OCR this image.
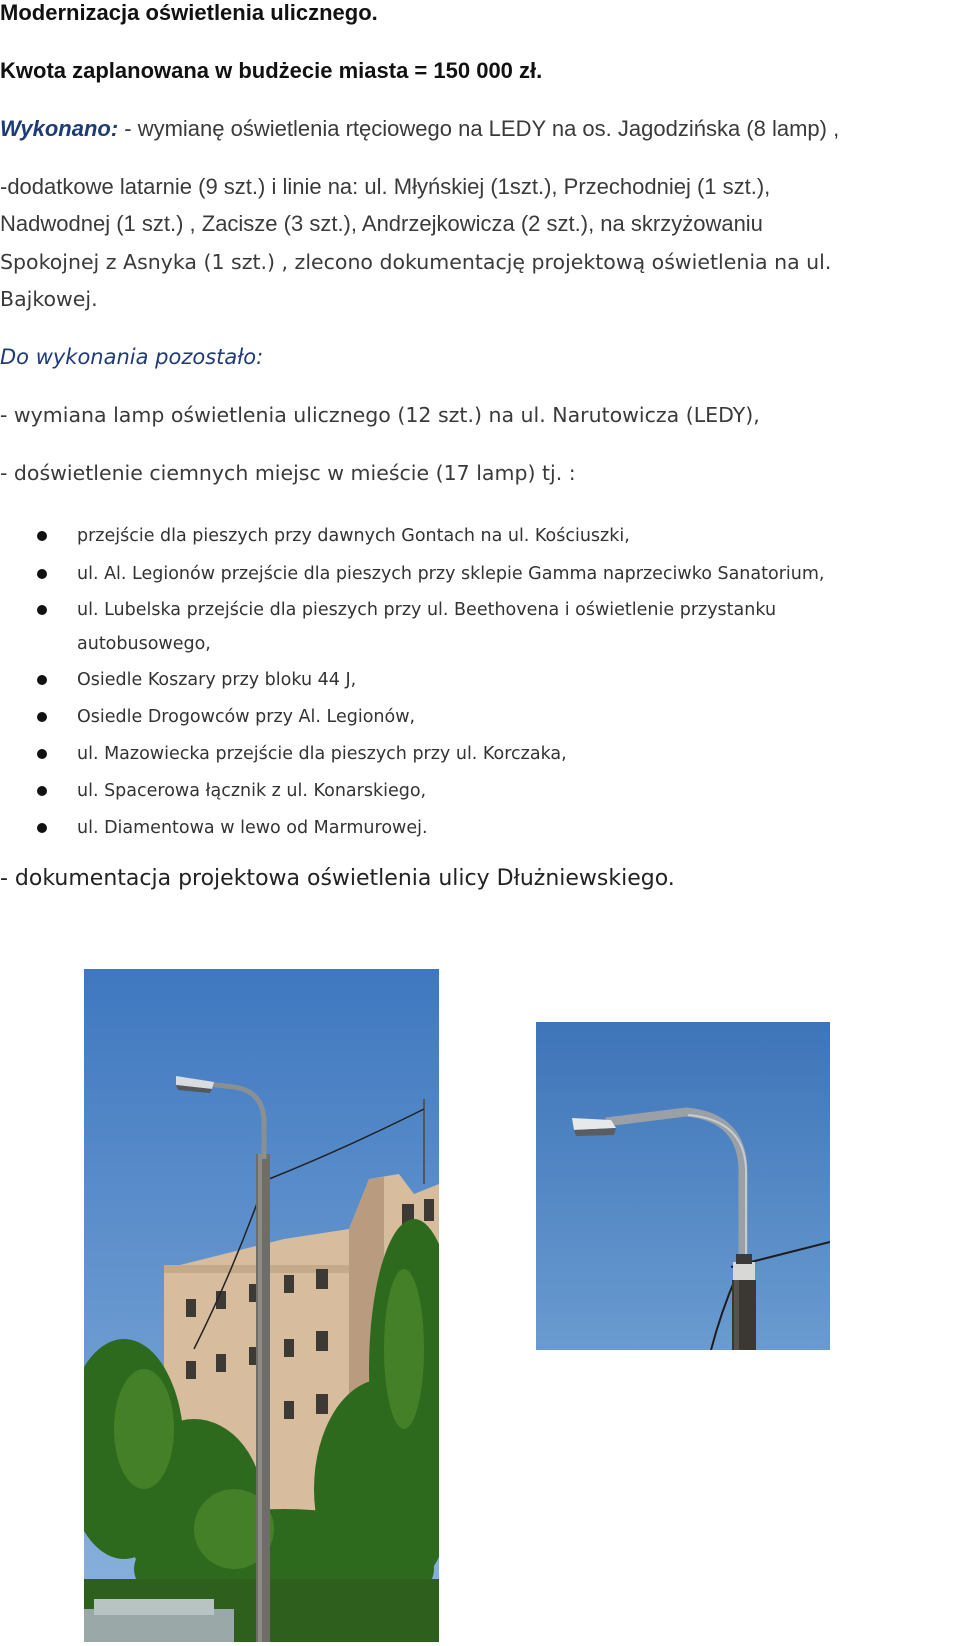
Modernizacja oświetlenia ulicznego.
Kwota zaplanowana w budżecie miasta = 150 000 zł.
Wykonano: - wymianę oświetlenia rtęciowego na LEDY na os. Jagodzińska (8 lamp) ,
-dodatkowe latarnie (9 szt.) i linie na: ul. Młyńskiej (1szt.), Przechodniej (1 szt.),
Nadwodnej (1 szt.) , Zacisze (3 szt.), Andrzejkowicza (2 szt.), na skrzyżowaniu
Spokojnej z Asnyka (1 szt.) , zlecono dokumentację projektową oświetlenia na ul.
Bajkowej.
Do wykonania pozostało:
- wymiana lamp oświetlenia ulicznego (12 szt.) na ul. Narutowicza (LEDY),
- doświetlenie ciemnych miejsc w mieście (17 lamp) tj. :
przejście dla pieszych przy dawnych Gontach na ul. Kościuszki,
ul. Al. Legionów przejście dla pieszych przy sklepie Gamma naprzeciwko Sanatorium,
ul. Lubelska przejście dla pieszych przy ul. Beethovena i oświetlenie przystanku
autobusowego,
Osiedle Koszary przy bloku 44 J,
Osiedle Drogowców przy Al. Legionów,
ul. Mazowiecka przejście dla pieszych przy ul. Korczaka,
ul. Spacerowa łącznik z ul. Konarskiego,
ul. Diamentowa w lewo od Marmurowej.
- dokumentacja projektowa oświetlenia ulicy Dłużniewskiego.
